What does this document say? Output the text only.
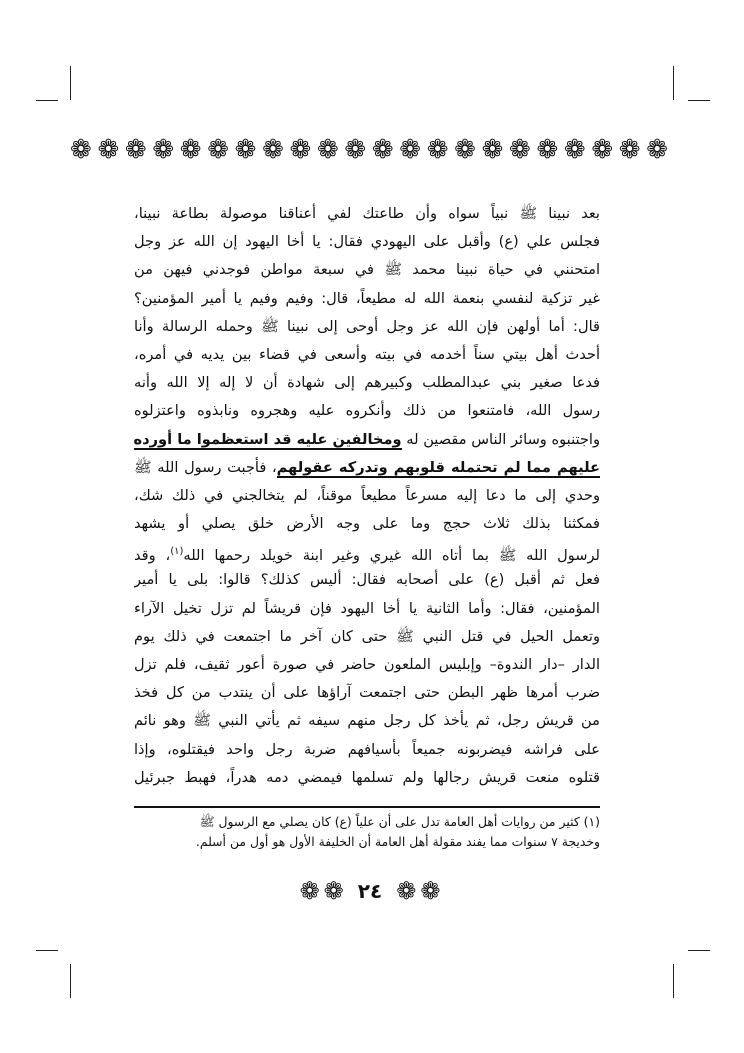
❁ ❁ ❁ ❁ ❁ ❁ ❁ ❁ ❁ ❁ ❁ ❁ ❁ ❁ ❁ ❁ ❁ ❁ ❁ ❁ ❁ ❁
بعد نبينا ﷺ نبياً سواه وأن طاعتك لفي أعناقنا موصولة بطاعة نبينا،
فجلس علي (ع) وأقبل على اليهودي فقال: يا أخا اليهود إن الله عز وجل
امتحنني في حياة نبينا محمد ﷺ في سبعة مواطن فوجدني فيهن من
غير تزكية لنفسي بنعمة الله له مطيعاً، قال: وفيم وفيم يا أمير المؤمنين؟
قال: أما أولهن فإن الله عز وجل أوحى إلى نبينا ﷺ وحمله الرسالة وأنا
أحدث أهل بيتي سناً أخدمه في بيته وأسعى في قضاء بين يديه في أمره،
فدعا صغير بني عبدالمطلب وكبيرهم إلى شهادة أن لا إله إلا الله وأنه
رسول الله، فامتنعوا من ذلك وأنكروه عليه وهجروه ونابذوه واعتزلوه
واجتنبوه وسائر الناس مقصين له ومخالفين عليه قد استعظموا ما أورده
عليهم مما لم تحتمله قلوبهم وتدركه عقولهم، فأجبت رسول الله ﷺ
وحدي إلى ما دعا إليه مسرعاً مطيعاً موقناً، لم يتخالجني في ذلك شك،
فمكثنا بذلك ثلاث حجج وما على وجه الأرض خلق يصلي أو يشهد
لرسول الله ﷺ بما أتاه الله غيري وغير ابنة خويلد رحمها الله$^{(١)}$، وقد
فعل ثم أقبل (ع) على أصحابه فقال: أليس كذلك؟ قالوا: بلى يا أمير
المؤمنين، فقال: وأما الثانية يا أخا اليهود فإن قريشاً لم تزل تخيل الآراء
وتعمل الحيل في قتل النبي ﷺ حتى كان آخر ما اجتمعت في ذلك يوم
الدار –دار الندوة– وإبليس الملعون حاضر في صورة أعور ثقيف، فلم تزل
ضرب أمرها ظهر البطن حتى اجتمعت آراؤها على أن ينتدب من كل فخذ
من قريش رجل، ثم يأخذ كل رجل منهم سيفه ثم يأتي النبي ﷺ وهو نائم
على فراشه فيضربونه جميعاً بأسيافهم ضربة رجل واحد فيقتلوه، وإذا
قتلوه منعت قريش رجالها ولم تسلمها فيمضي دمه هدراً، فهبط جبرئيل
(١) كثير من روايات أهل العامة تدل على أن علياً (ع) كان يصلي مع الرسول ﷺ
وخديجة ٧ سنوات مما يفند مقولة أهل العامة أن الخليفة الأول هو أول من أسلم.
❁ ❁ ٢٤ ❁ ❁
